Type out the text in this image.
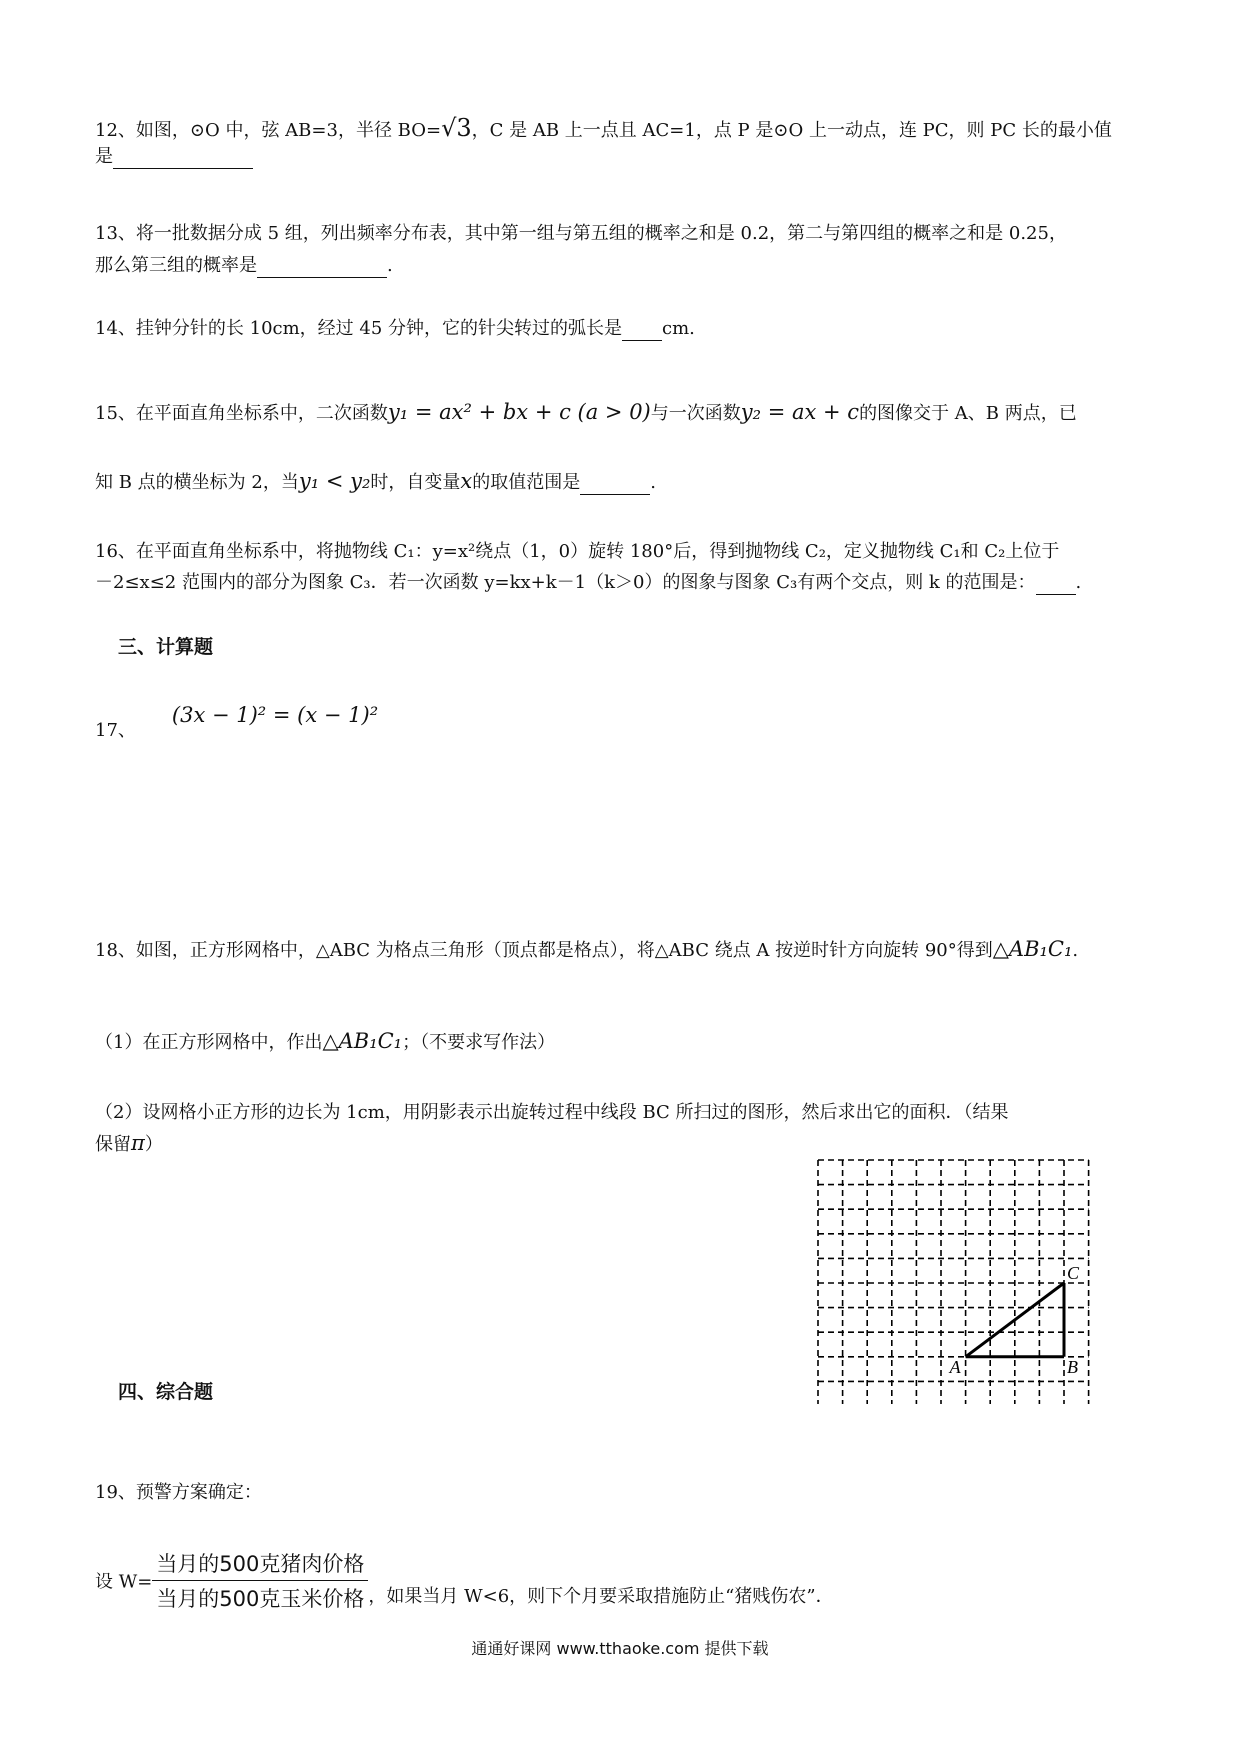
12、如图，⊙O 中，弦 AB=3，半径 BO=√3，C 是 AB 上一点且 AC=1，点 P 是⊙O 上一动点，连 PC，则 PC 长的最小值
是
13、将一批数据分成 5 组，列出频率分布表，其中第一组与第五组的概率之和是 0.2，第二与第四组的概率之和是 0.25，
那么第三组的概率是	.
14、挂钟分针的长 10cm，经过 45 分钟，它的针尖转过的弧长是 cm.
15、在平面直角坐标系中，二次函数y₁ = ax² + bx + c (a > 0)与一次函数y₂ = ax + c的图像交于 A、B 两点，已
知 B 点的横坐标为 2，当y₁ < y₂时，自变量x的取值范围是	.
16、在平面直角坐标系中，将抛物线 C₁：y=x²绕点（1，0）旋转 180°后，得到抛物线 C₂，定义抛物线 C₁和 C₂上位于
－2≤x≤2 范围内的部分为图象 C₃．若一次函数 y=kx+k－1（k＞0）的图象与图象 C₃有两个交点，则 k 的范围是： .
三、计算题
17、(3x − 1)² = (x − 1)²
18、如图，正方形网格中，△ABC 为格点三角形（顶点都是格点），将△ABC 绕点 A 按逆时针方向旋转 90°得到△AB₁C₁.
（1）在正方形网格中，作出△AB₁C₁；（不要求写作法）
（2）设网格小正方形的边长为 1cm，用阴影表示出旋转过程中线段 BC 所扫过的图形，然后求出它的面积．（结果
保留π）
A	B
C
四、综合题
19、预警方案确定：
设 $W= \frac{\text{当月的500克猪肉价格}}{\text{当月的500克玉米价格}}$ ，如果当月 W<6，则下个月要采取措施防止“猪贱伤农”．
通通好课网 www.tthaoke.com 提供下载
